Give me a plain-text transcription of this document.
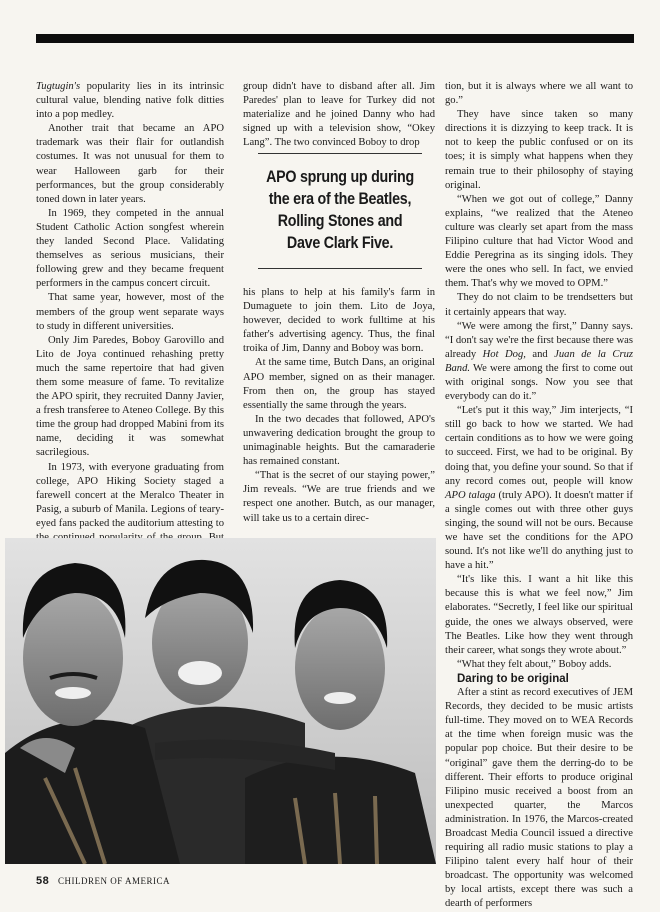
Tugtugin's popularity lies in its intrinsic cultural value, blending native folk ditties into a pop medley.

Another trait that became an APO trademark was their flair for outlandish costumes. It was not unusual for them to wear Halloween garb for their performances, but the group considerably toned down in later years.

In 1969, they competed in the annual Student Catholic Action songfest wherein they landed Second Place. Validating themselves as serious musicians, their following grew and they became frequent performers in the campus concert circuit.

That same year, however, most of the members of the group went separate ways to study in different universities.

Only Jim Paredes, Boboy Garovillo and Lito de Joya continued rehashing pretty much the same repertoire that had given them some measure of fame. To revitalize the APO spirit, they recruited Danny Javier, a fresh transferee to Ateneo College. By this time the group had dropped Mabini from its name, deciding it was somewhat sacrilegious.

In 1973, with everyone graduating from college, APO Hiking Society staged a farewell concert at the Meralco Theater in Pasig, a suburb of Manila. Legions of teary-eyed fans packed the auditorium attesting to

group didn't have to disband after all. Jim Paredes' plan to leave for Turkey did not materialize and he joined Danny who had signed up with a television show, “Okey Lang”. The two convinced Boboy to drop

APO sprung up during
the era of the Beatles,
Rolling Stones and
Dave Clark Five.

his plans to help at his family's farm in Dumaguete to join them. Lito de Joya, however, decided to work fulltime at his father's advertising agency. Thus, the final troika of Jim, Danny and Boboy was born.

At the same time, Butch Dans, an original APO member, signed on as their manager. From then on, the group has stayed essentially the same through the years.

In the two decades that followed, APO's unwavering dedication brought the group to unimaginable heights. But the camaraderie has remained constant.

“That is the secret of our staying power,” Jim reveals. “We are true friends and we respect one another. Butch, as our manager, will take us to a certain direc-

tion, but it is always where we all want to go.”

They have since taken so many directions it is dizzying to keep track. It is not to keep the public confused or on its toes; it is simply what happens when they remain true to their philosophy of staying original.

“When we got out of college,” Danny explains, “we realized that the Ateneo culture was clearly set apart from the mass Filipino culture that had Victor Wood and Eddie Peregrina as its singing idols. They were the ones who sell. In fact, we envied them. That's why we moved to OPM.”

They do not claim to be trendsetters but it certainly appears that way.

“We were among the first,” Danny says. “I don't say we're the first because there was already Hot Dog, and Juan de la Cruz Band. We were among the first to come out with original songs. Now you see that everybody can do it.”

“Let's put it this way,” Jim interjects, “I still go back to how we started. We had certain conditions as to how we were going to succeed. First, we had to be original. By doing that, you define your sound. So that if any record comes out, people will know APO talaga (truly APO). It doesn't matter if a single comes out with three other guys singing, the sound will not be ours. Because we have set the conditions for the APO sound. It's not like we'll do anything just to have a hit.”

“It's like this. I want a hit like this because this is what we feel now,” Jim elaborates. “Secretly, I feel like our spiritual guide, the ones we always observed, were The Beatles. Like how they went through their career, what songs they wrote about.”

“What they felt about,” Boboy adds.

Daring to be original

After a stint as record executives of JEM Records, they decided to be music artists full-time. They moved on to WEA Records at the time when foreign music was the popular pop choice. But their desire to be “original” gave them the derring-do to be different. Their efforts to produce original Filipino music received a boost from an unexpected quarter, the Marcos administration. In 1976, the Marcos-created Broadcast Media Council issued a directive requiring all radio music stations to play a Filipino talent every half hour of their broadcast. The opportunity was welcomed by local artists, except there was such a dearth of performers

58 CHILDREN OF AMERICA
